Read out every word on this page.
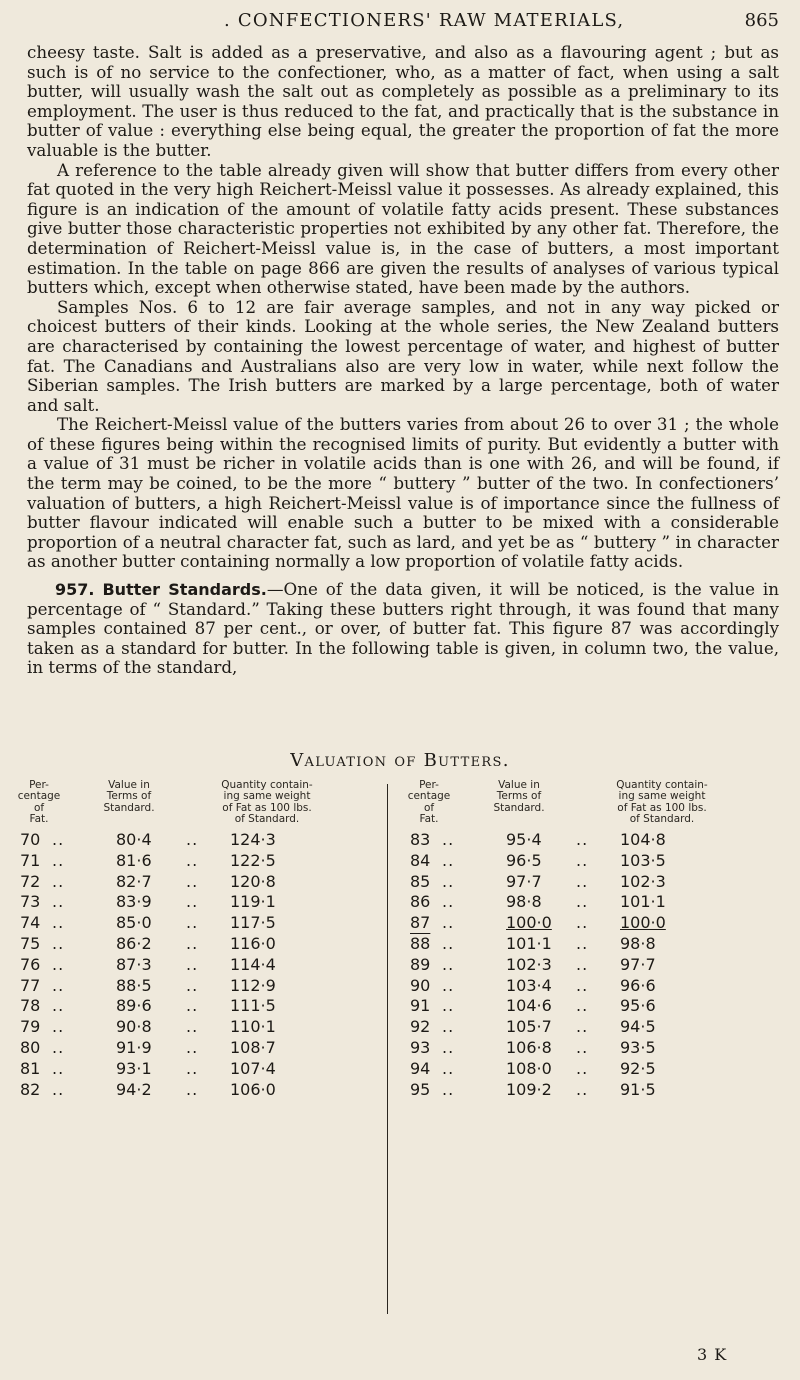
. CONFECTIONERS' RAW MATERIALS,	865

cheesy taste. Salt is added as a preservative, and also as a flavouring agent ; but as such is of no service to the confectioner, who, as a matter of fact, when using a salt butter, will usually wash the salt out as completely as possible as a preliminary to its employment. The user is thus reduced to the fat, and practically that is the substance in butter of value : everything else being equal, the greater the proportion of fat the more valuable is the butter.

A reference to the table already given will show that butter differs from every other fat quoted in the very high Reichert-Meissl value it possesses. As already explained, this figure is an indication of the amount of volatile fatty acids present. These substances give butter those characteristic properties not exhibited by any other fat. Therefore, the determination of Reichert-Meissl value is, in the case of butters, a most important estimation. In the table on page 866 are given the results of analyses of various typical butters which, except when otherwise stated, have been made by the authors.

Samples Nos. 6 to 12 are fair average samples, and not in any way picked or choicest butters of their kinds. Looking at the whole series, the New Zealand butters are characterised by containing the lowest percentage of water, and highest of butter fat. The Canadians and Australians also are very low in water, while next follow the Siberian samples. The Irish butters are marked by a large percentage, both of water and salt.

The Reichert-Meissl value of the butters varies from about 26 to over 31 ; the whole of these figures being within the recognised limits of purity. But evidently a butter with a value of 31 must be richer in volatile acids than is one with 26, and will be found, if the term may be coined, to be the more “ buttery ” butter of the two. In confectioners’ valuation of butters, a high Reichert-Meissl value is of importance since the fullness of butter flavour indicated will enable such a butter to be mixed with a considerable proportion of a neutral character fat, such as lard, and yet be as “ buttery ” in character as another butter containing normally a low proportion of volatile fatty acids.

957. Butter Standards.—One of the data given, it will be noticed, is the value in percentage of “ Standard.” Taking these butters right through, it was found that many samples contained 87 per cent., or over, of butter fat. This figure 87 was accordingly taken as a standard for butter. In the following table is given, in column two, the value, in terms of the standard,

Valuation of Butters.
Per-
centage of
Fat.
Value in
Terms of
Standard.
Quantity contain-
ing same weight
of Fat as 100 lbs.
of Standard.
70 ..	80·4 .. 124·3
71 ..	81·6 .. 122·5
72 ..	82·7 .. 120·8
73 ..	83·9 .. 119·1
74 ..	85·0 .. 117·5
75 ..	86·2 .. 116·0
76 ..	87·3 .. 114·4
77 ..	88·5 .. 112·9
78 ..	89·6 .. 111·5
79 ..	90·8 .. 110·1
80 ..	91·9 .. 108·7
81 ..	93·1 .. 107·4
82 ..	94·2 .. 106·0
Per-
centage of
Fat.
Value in
Terms of
Standard.
Quantity contain-
ing same weight
of Fat as 100 lbs.
of Standard.
83 ..	95·4 .. 104·8
84 ..	96·5 .. 103·5
85 ..	97·7 .. 102·3
86 ..	98·8 .. 101·1
87 ..	100·0 .. 100·0
88 ..	101·1 .. 98·8
89 ..	102·3 .. 97·7
90 ..	103·4 .. 96·6
91 ..	104·6 .. 95·6
92 ..	105·7 .. 94·5
93 ..	106·8 .. 93·5
94 ..	108·0 .. 92·5
95 ..	109·2 .. 91·5
3 K
